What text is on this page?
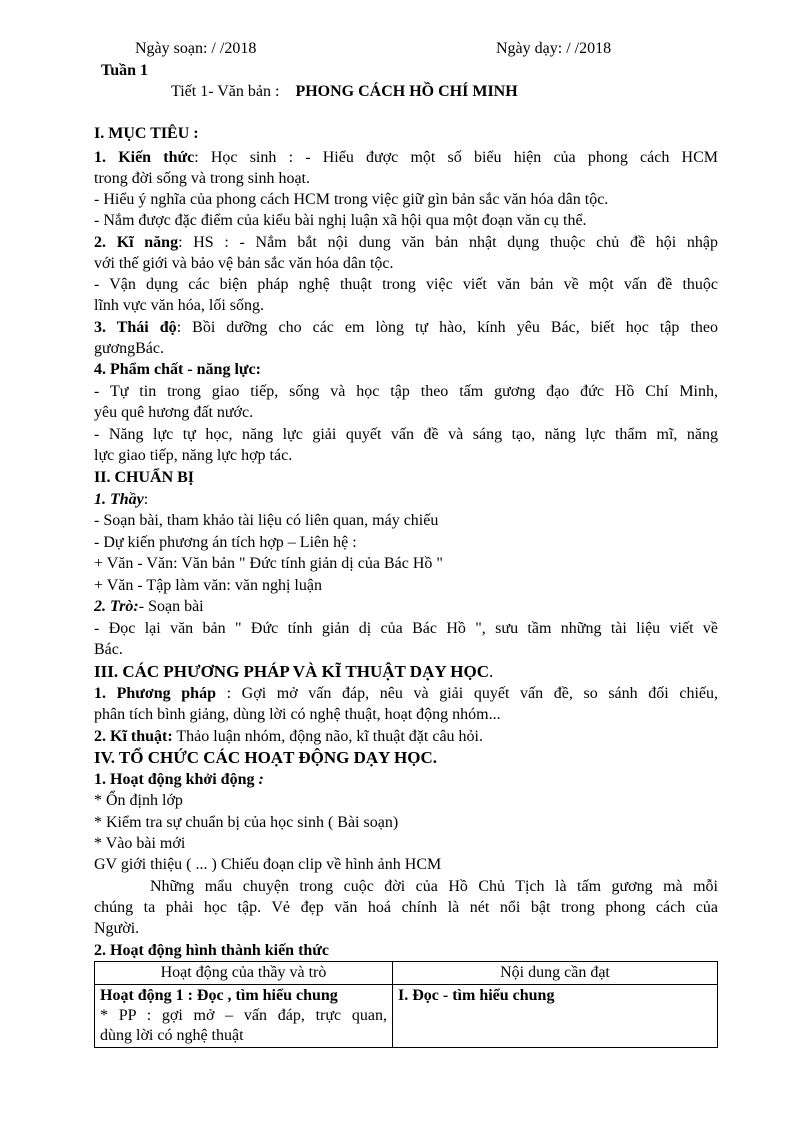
Ngày soạn: / /2018	Ngày dạy: / /2018
Tuần 1
Tiết 1- Văn bản : PHONG CÁCH HỒ CHÍ MINH
I. MỤC TIÊU :
1. Kiến thức: Học sinh : - Hiểu được một số biểu hiện của phong cách HCM
trong đời sống và trong sinh hoạt.
- Hiểu ý nghĩa của phong cách HCM trong việc giữ gìn bản sắc văn hóa dân tộc.
- Nắm được đặc điểm của kiểu bài nghị luận xã hội qua một đoạn văn cụ thể.
2. Kĩ năng: HS : - Nắm bắt nội dung văn bản nhật dụng thuộc chủ đề hội nhập
với thế giới và bảo vệ bản sắc văn hóa dân tộc.
- Vận dụng các biện pháp nghệ thuật trong việc viết văn bản về một vấn đề thuộc
lĩnh vực văn hóa, lối sống.
3. Thái độ: Bồi dưỡng cho các em lòng tự hào, kính yêu Bác, biết học tập theo
gươngBác.
4. Phẩm chất - năng lực:
- Tự tin trong giao tiếp, sống và học tập theo tấm gương đạo đức Hồ Chí Minh,
yêu quê hương đất nước.
- Năng lực tự học, năng lực giải quyết vấn đề và sáng tạo, năng lực thẩm mĩ, năng
lực giao tiếp, năng lực hợp tác.
II. CHUẨN BỊ
1. Thầy:
- Soạn bài, tham khảo tài liệu có liên quan, máy chiếu
- Dự kiến phương án tích hợp – Liên hệ :
+ Văn - Văn: Văn bản " Đức tính giản dị của Bác Hồ "
+ Văn - Tập làm văn: văn nghị luận
2. Trò:- Soạn bài
- Đọc lại văn bản " Đức tính giản dị của Bác Hồ ", sưu tầm những tài liệu viết về
Bác.
III. CÁC PHƯƠNG PHÁP VÀ KĨ THUẬT DẠY HỌC.
1. Phương pháp : Gợi mở vấn đáp, nêu và giải quyết vấn đề, so sánh đối chiếu,
phân tích bình giảng, dùng lời có nghệ thuật, hoạt động nhóm...
2. Kĩ thuật: Thảo luận nhóm, động não, kĩ thuật đặt câu hỏi.
IV. TỔ CHỨC CÁC HOẠT ĐỘNG DẠY HỌC.
1. Hoạt động khởi động :
* Ổn định lớp
* Kiểm tra sự chuẩn bị của học sinh ( Bài soạn)
* Vào bài mới
GV giới thiệu ( ... ) Chiếu đoạn clip về hình ảnh HCM
Những mẩu chuyện trong cuộc đời của Hồ Chủ Tịch là tấm gương mà mỗi
chúng ta phải học tập. Vẻ đẹp văn hoá chính là nét nổi bật trong phong cách của
Người.
2. Hoạt động hình thành kiến thức
Hoạt động của thầy và trò	Nội dung cần đạt

Hoạt động 1 : Đọc , tìm hiểu chung
* PP : gợi mở – vấn đáp, trực quan,
dùng lời có nghệ thuật	I. Đọc - tìm hiểu chung
